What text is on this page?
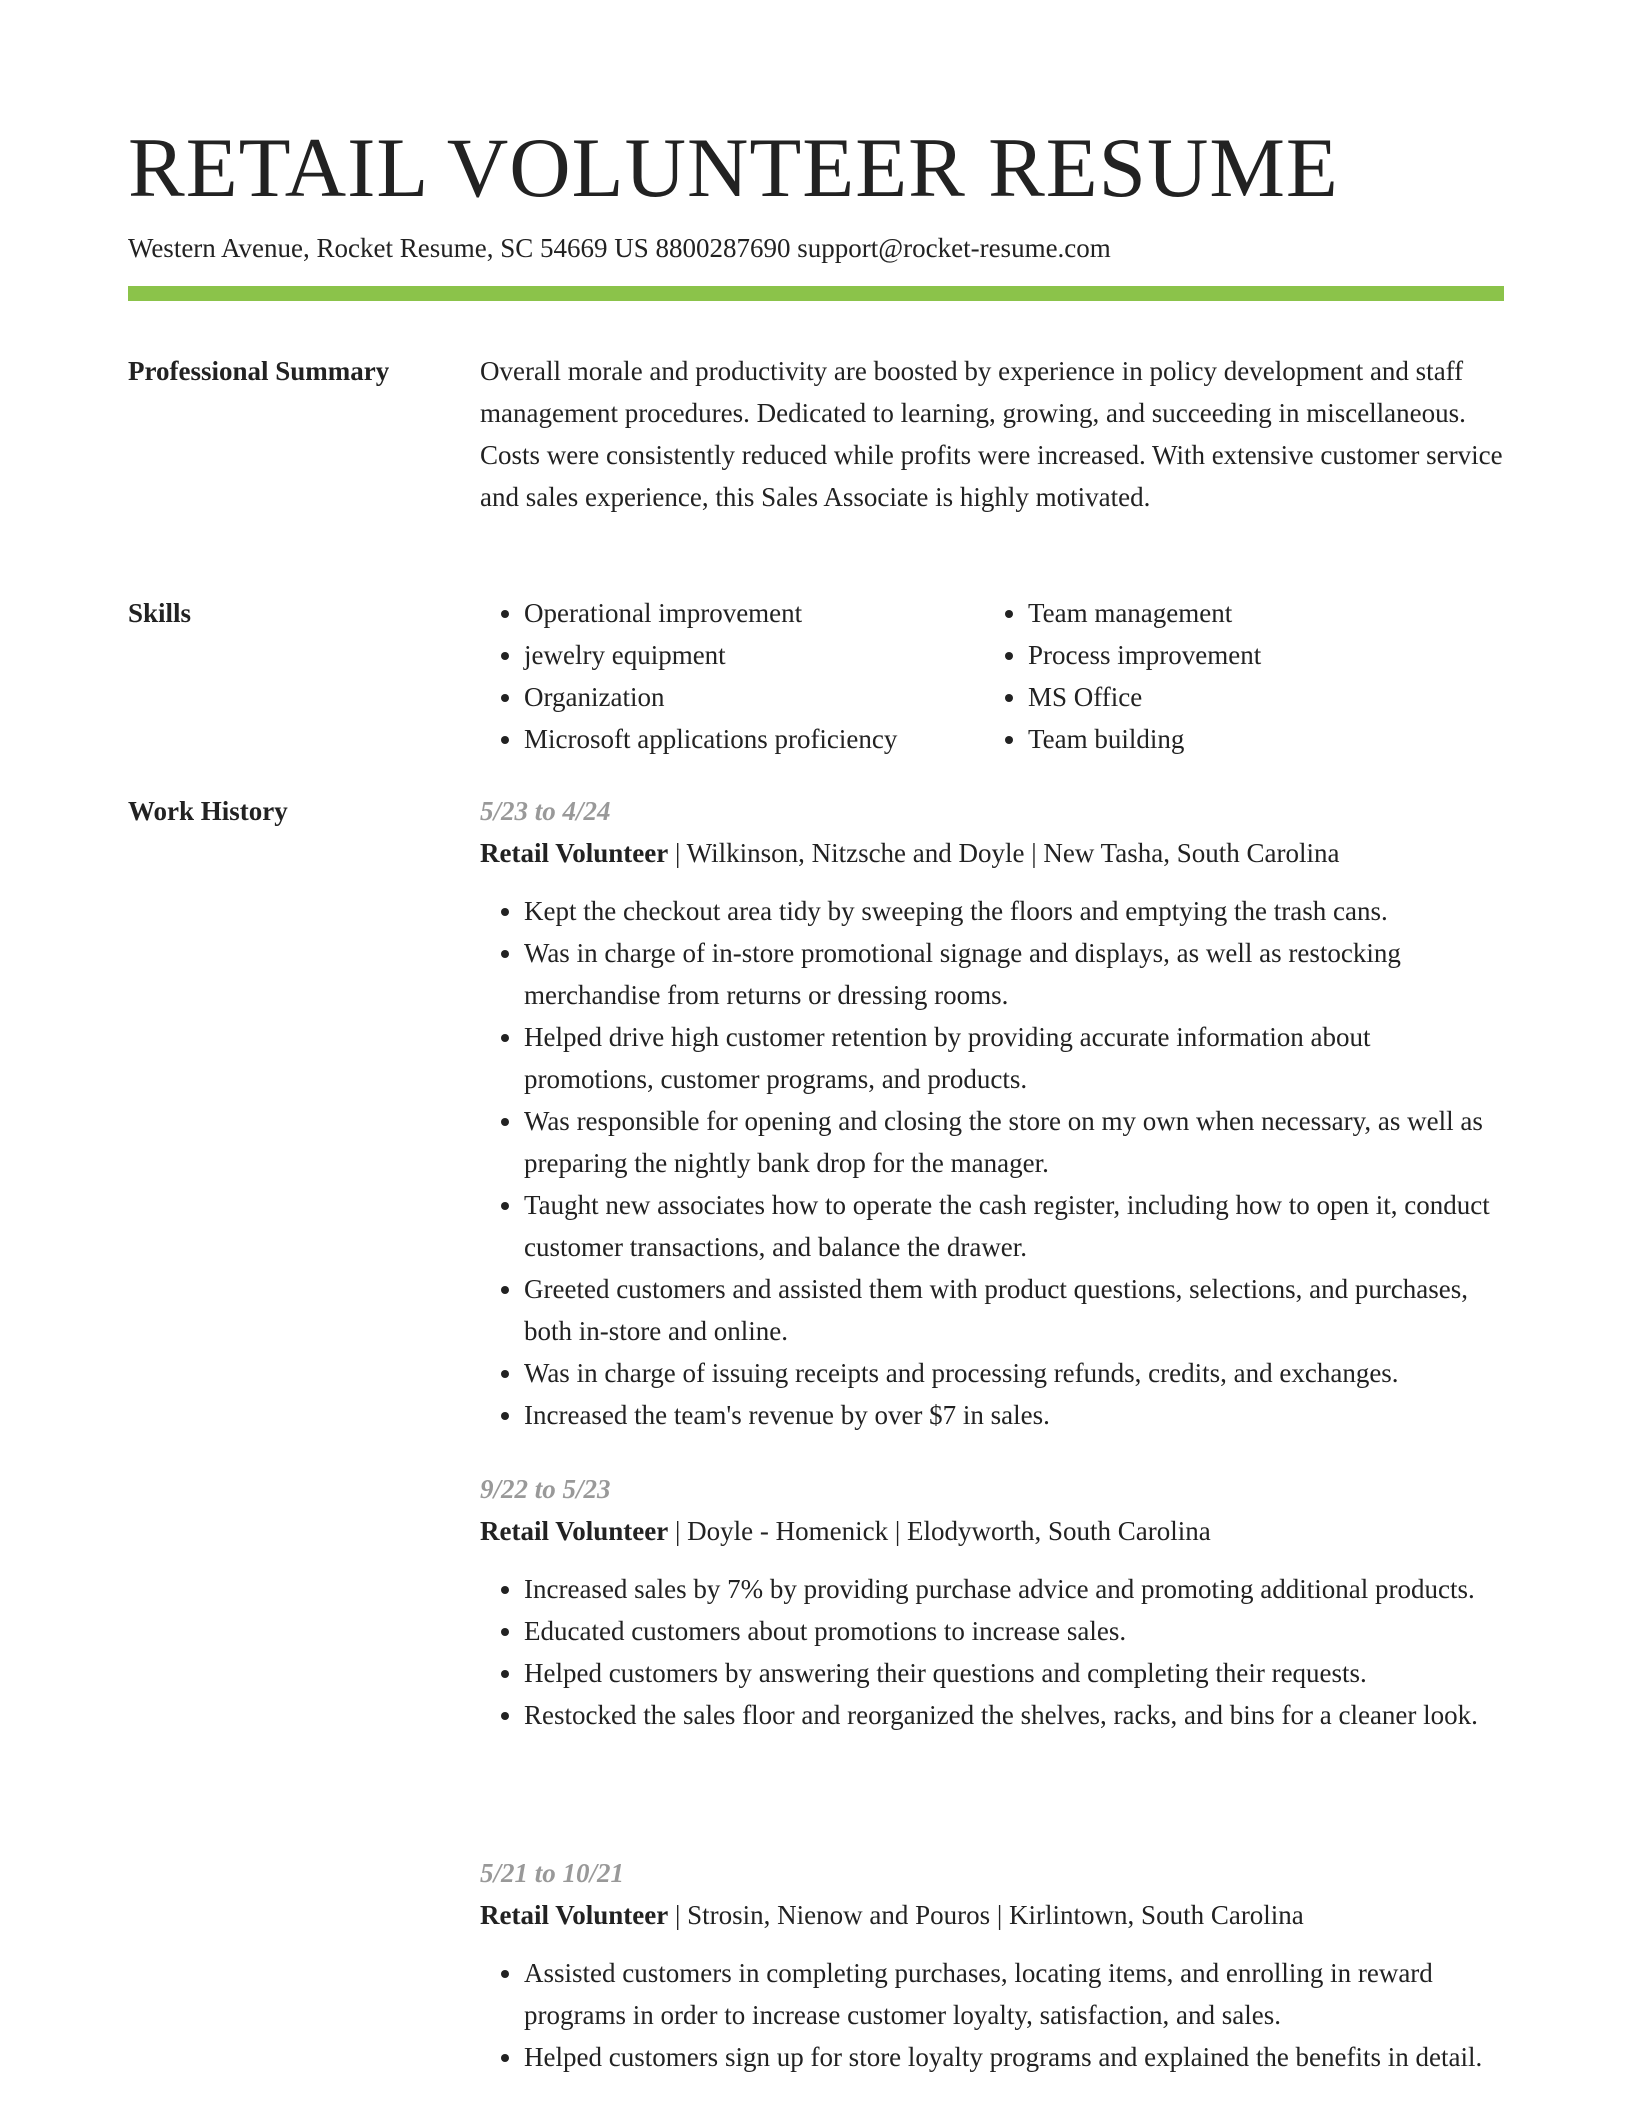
RETAIL VOLUNTEER RESUME
Western Avenue, Rocket Resume, SC 54669 US 8800287690 support@rocket-resume.com
Professional Summary	Overall morale and productivity are boosted by experience in policy development and staff management procedures. Dedicated to learning, growing, and succeeding in miscellaneous. Costs were consistently reduced while profits were increased. With extensive customer service and sales experience, this Sales Associate is highly motivated.
Skills
•	Operational improvement
• jewelry equipment
• Organization
• Microsoft applications proficiency
• Team management
• Process improvement
• MS Office
• Team building
Work History	5/23 to 4/24
Retail Volunteer | Wilkinson, Nitzsche and Doyle | New Tasha, South Carolina
• Kept the checkout area tidy by sweeping the floors and emptying the trash cans.
• Was in charge of in-store promotional signage and displays, as well as restocking merchandise from returns or dressing rooms.
• Helped drive high customer retention by providing accurate information about promotions, customer programs, and products.
• Was responsible for opening and closing the store on my own when necessary, as well as preparing the nightly bank drop for the manager.
• Taught new associates how to operate the cash register, including how to open it, conduct customer transactions, and balance the drawer.
• Greeted customers and assisted them with product questions, selections, and purchases, both in-store and online.
• Was in charge of issuing receipts and processing refunds, credits, and exchanges.
• Increased the team's revenue by over $7 in sales.
9/22 to 5/23
Retail Volunteer | Doyle - Homenick | Elodyworth, South Carolina
• Increased sales by 7% by providing purchase advice and promoting additional products.
• Educated customers about promotions to increase sales.
• Helped customers by answering their questions and completing their requests.
• Restocked the sales floor and reorganized the shelves, racks, and bins for a cleaner look.
5/21 to 10/21
Retail Volunteer | Strosin, Nienow and Pouros | Kirlintown, South Carolina
• Assisted customers in completing purchases, locating items, and enrolling in reward programs in order to increase customer loyalty, satisfaction, and sales.
• Helped customers sign up for store loyalty programs and explained the benefits in detail.
